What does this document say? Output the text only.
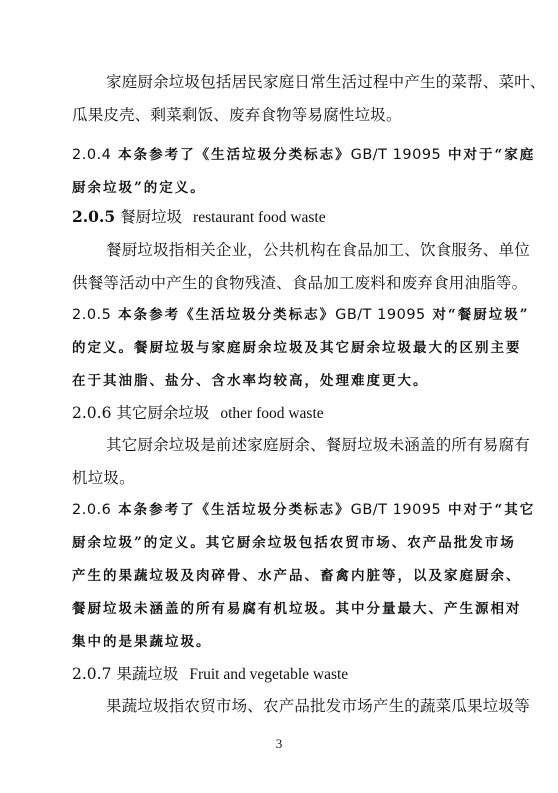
家庭厨余垃圾包括居民家庭日常生活过程中产生的菜帮、菜叶、
瓜果皮壳、剩菜剩饭、废弃食物等易腐性垃圾。
2.0.4 本条参考了《生活垃圾分类标志》GB/T 19095 中对于“家庭
厨余垃圾”的定义。
2.0.5 餐厨垃圾 restaurant food waste
餐厨垃圾指相关企业，公共机构在食品加工、饮食服务、单位
供餐等活动中产生的食物残渣、食品加工废料和废弃食用油脂等。
2.0.5 本条参考《生活垃圾分类标志》GB/T 19095 对“餐厨垃圾”
的定义。餐厨垃圾与家庭厨余垃圾及其它厨余垃圾最大的区别主要
在于其油脂、盐分、含水率均较高，处理难度更大。
2.0.6 其它厨余垃圾 other food waste
其它厨余垃圾是前述家庭厨余、餐厨垃圾未涵盖的所有易腐有
机垃圾。
2.0.6 本条参考了《生活垃圾分类标志》GB/T 19095 中对于“其它
厨余垃圾”的定义。其它厨余垃圾包括农贸市场、农产品批发市场
产生的果蔬垃圾及肉碎骨、水产品、畜禽内脏等，以及家庭厨余、
餐厨垃圾未涵盖的所有易腐有机垃圾。其中分量最大、产生源相对
集中的是果蔬垃圾。
2.0.7 果蔬垃圾 Fruit and vegetable waste
果蔬垃圾指农贸市场、农产品批发市场产生的蔬菜瓜果垃圾等
3
